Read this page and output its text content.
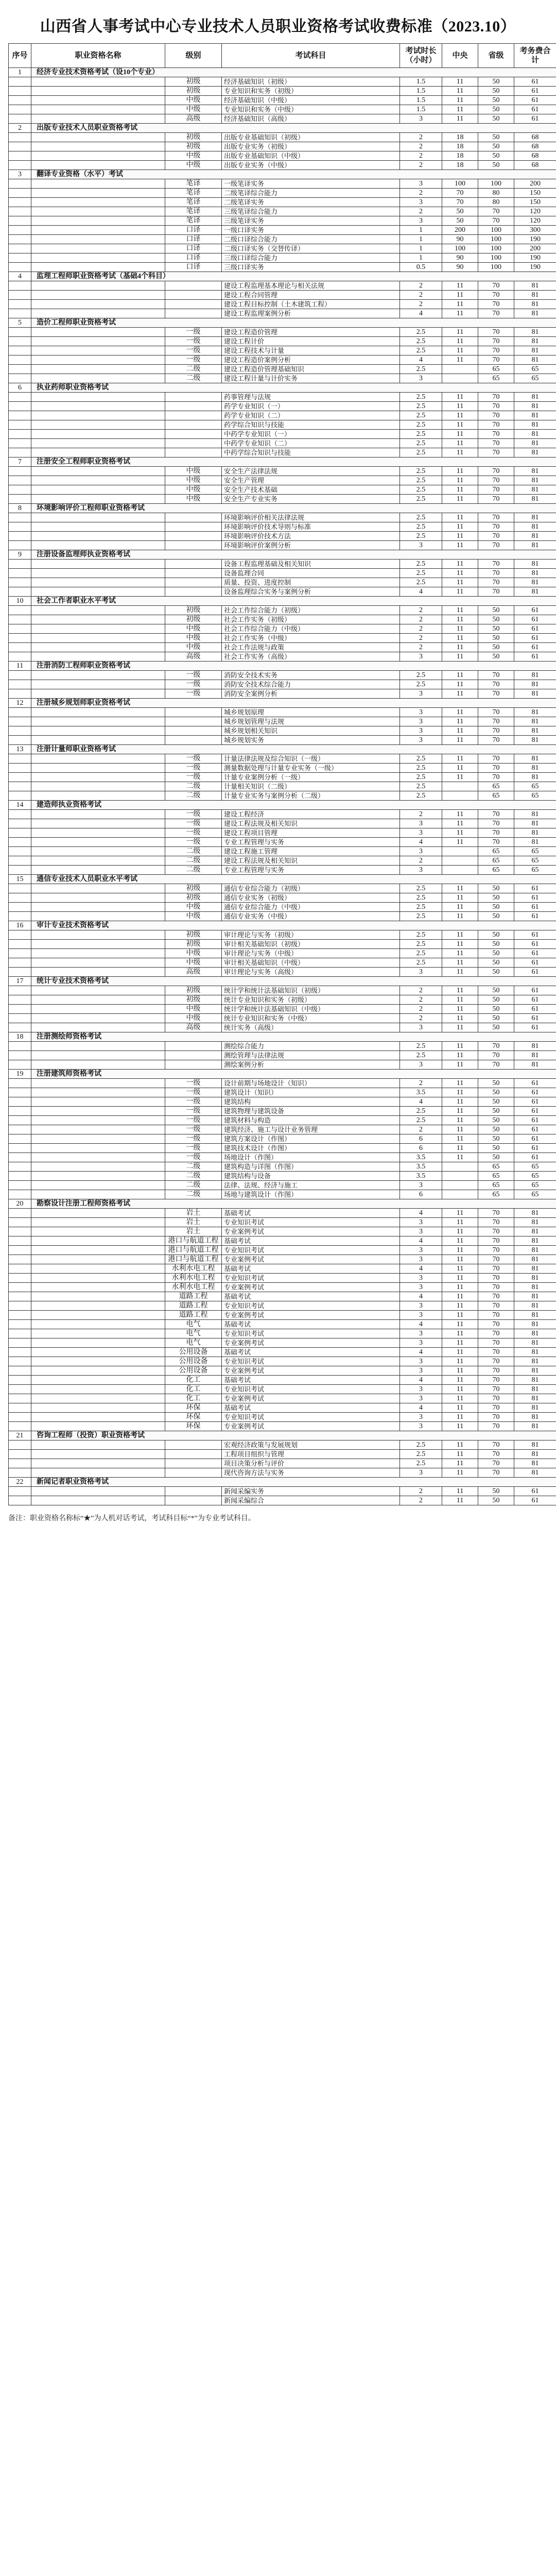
山西省人事考试中心专业技术人员职业资格考试收费标准（2023.10）
序号	职业资格名称	级别	考试科目	考试时长（小时）	中央	省级	考务费合计
1	经济专业技术资格考试（设10个专业）						
		初级	经济基础知识（初级）	1.5	11	50	61
		初级	专业知识和实务（初级）	1.5	11	50	61
		中级	经济基础知识（中级）	1.5	11	50	61
		中级	专业知识和实务（中级）	1.5	11	50	61
		高级	经济基础知识（高级）	3	11	50	61
2	出版专业技术人员职业资格考试						
		初级	出版专业基础知识（初级）	2	18	50	68
		初级	出版专业实务（初级）	2	18	50	68
		中级	出版专业基础知识（中级）	2	18	50	68
		中级	出版专业实务（中级）	2	18	50	68
3	翻译专业资格（水平）考试						
		笔译	一级笔译实务	3	100	100	200
		笔译	二级笔译综合能力	2	70	80	150
		笔译	二级笔译实务	3	70	80	150
		笔译	三级笔译综合能力	2	50	70	120
		笔译	三级笔译实务	3	50	70	120
		口译	一级口译实务	1	200	100	300
		口译	二级口译综合能力	1	90	100	190
		口译	二级口译实务（交替传译）	1	100	100	200
		口译	三级口译综合能力	1	90	100	190
		口译	三级口译实务	0.5	90	100	190
4	监理工程师职业资格考试（基础4个科目）						
			建设工程监理基本理论与相关法规	2	11	70	81
			建设工程合同管理	2	11	70	81
			建设工程目标控制（土木建筑工程）	2	11	70	81
			建设工程监理案例分析	4	11	70	81
5	造价工程师职业资格考试						
		一级	建设工程造价管理	2.5	11	70	81
		一级	建设工程计价	2.5	11	70	81
		一级	建设工程技术与计量	2.5	11	70	81
		一级	建设工程造价案例分析	4	11	70	81
		二级	建设工程造价管理基础知识	2.5		65	65
		二级	建设工程计量与计价实务	3		65	65
6	执业药师职业资格考试						
			药事管理与法规	2.5	11	70	81
			药学专业知识（一）	2.5	11	70	81
			药学专业知识（二）	2.5	11	70	81
			药学综合知识与技能	2.5	11	70	81
			中药学专业知识（一）	2.5	11	70	81
			中药学专业知识（二）	2.5	11	70	81
			中药学综合知识与技能	2.5	11	70	81
7	注册安全工程师职业资格考试						
		中级	安全生产法律法规	2.5	11	70	81
		中级	安全生产管理	2.5	11	70	81
		中级	安全生产技术基础	2.5	11	70	81
		中级	安全生产专业实务	2.5	11	70	81
8	环境影响评价工程师职业资格考试						
			环境影响评价相关法律法规	2.5	11	70	81
			环境影响评价技术导则与标准	2.5	11	70	81
			环境影响评价技术方法	2.5	11	70	81
			环境影响评价案例分析	3	11	70	81
9	注册设备监理师执业资格考试						
			设备工程监理基础及相关知识	2.5	11	70	81
			设备监理合同	2.5	11	70	81
			质量、投资、进度控制	2.5	11	70	81
			设备监理综合实务与案例分析	4	11	70	81
10	社会工作者职业水平考试						
		初级	社会工作综合能力（初级）	2	11	50	61
		初级	社会工作实务（初级）	2	11	50	61
		中级	社会工作综合能力（中级）	2	11	50	61
		中级	社会工作实务（中级）	2	11	50	61
		中级	社会工作法规与政策	2	11	50	61
		高级	社会工作实务（高级）	3	11	50	61
11	注册消防工程师职业资格考试						
		一级	消防安全技术实务	2.5	11	70	81
		一级	消防安全技术综合能力	2.5	11	70	81
		一级	消防安全案例分析	3	11	70	81
12	注册城乡规划师职业资格考试						
			城乡规划原理	3	11	70	81
			城乡规划管理与法规	3	11	70	81
			城乡规划相关知识	3	11	70	81
			城乡规划实务	3	11	70	81
13	注册计量师职业资格考试						
		一级	计量法律法规及综合知识（一级）	2.5	11	70	81
		一级	测量数据处理与计量专业实务（一级）	2.5	11	70	81
		一级	计量专业案例分析（一级）	2.5	11	70	81
		二级	计量相关知识（二级）	2.5		65	65
		二级	计量专业实务与案例分析（二级）	2.5		65	65
14	建造师执业资格考试						
		一级	建设工程经济	2	11	70	81
		一级	建设工程法规及相关知识	3	11	70	81
		一级	建设工程项目管理	3	11	70	81
		一级	专业工程管理与实务	4	11	70	81
		二级	建设工程施工管理	3		65	65
		二级	建设工程法规及相关知识	2		65	65
		二级	专业工程管理与实务	3		65	65
15	通信专业技术人员职业水平考试						
		初级	通信专业综合能力（初级）	2.5	11	50	61
		初级	通信专业实务（初级）	2.5	11	50	61
		中级	通信专业综合能力（中级）	2.5	11	50	61
		中级	通信专业实务（中级）	2.5	11	50	61
16	审计专业技术资格考试						
		初级	审计理论与实务（初级）	2.5	11	50	61
		初级	审计相关基础知识（初级）	2.5	11	50	61
		中级	审计理论与实务（中级）	2.5	11	50	61
		中级	审计相关基础知识（中级）	2.5	11	50	61
		高级	审计理论与实务（高级）	3	11	50	61
17	统计专业技术资格考试						
		初级	统计学和统计法基础知识（初级）	2	11	50	61
		初级	统计专业知识和实务（初级）	2	11	50	61
		中级	统计学和统计法基础知识（中级）	2	11	50	61
		中级	统计专业知识和实务（中级）	2	11	50	61
		高级	统计实务（高级）	3	11	50	61
18	注册测绘师资格考试						
			测绘综合能力	2.5	11	70	81
			测绘管理与法律法规	2.5	11	70	81
			测绘案例分析	3	11	70	81
19	注册建筑师资格考试						
		一级	设计前期与场地设计（知识）	2	11	50	61
		一级	建筑设计（知识）	3.5	11	50	61
		一级	建筑结构	4	11	50	61
		一级	建筑物理与建筑设备	2.5	11	50	61
		一级	建筑材料与构造	2.5	11	50	61
		一级	建筑经济、施工与设计业务管理	2	11	50	61
		一级	建筑方案设计（作图）	6	11	50	61
		一级	建筑技术设计（作图）	6	11	50	61
		一级	场地设计（作图）	3.5	11	50	61
		二级	建筑构造与详图（作图）	3.5		65	65
		二级	建筑结构与设备	3.5		65	65
		二级	法律、法规、经济与施工	3		65	65
		二级	场地与建筑设计（作图）	6		65	65
20	勘察设计注册工程师资格考试						
		岩土	基础考试	4	11	70	81
		岩土	专业知识考试	3	11	70	81
		岩土	专业案例考试	3	11	70	81
		港口与航道工程	基础考试	4	11	70	81
		港口与航道工程	专业知识考试	3	11	70	81
		港口与航道工程	专业案例考试	3	11	70	81
		水利水电工程	基础考试	4	11	70	81
		水利水电工程	专业知识考试	3	11	70	81
		水利水电工程	专业案例考试	3	11	70	81
		道路工程	基础考试	4	11	70	81
		道路工程	专业知识考试	3	11	70	81
		道路工程	专业案例考试	3	11	70	81
		电气	基础考试	4	11	70	81
		电气	专业知识考试	3	11	70	81
		电气	专业案例考试	3	11	70	81
		公用设备	基础考试	4	11	70	81
		公用设备	专业知识考试	3	11	70	81
		公用设备	专业案例考试	3	11	70	81
		化工	基础考试	4	11	70	81
		化工	专业知识考试	3	11	70	81
		化工	专业案例考试	3	11	70	81
		环保	基础考试	4	11	70	81
		环保	专业知识考试	3	11	70	81
		环保	专业案例考试	3	11	70	81
21	咨询工程师（投资）职业资格考试						
			宏观经济政策与发展规划	2.5	11	70	81
			工程项目组织与管理	2.5	11	70	81
			项目决策分析与评价	2.5	11	70	81
			现代咨询方法与实务	3	11	70	81
22	新闻记者职业资格考试						
			新闻采编实务	2	11	50	61
			新闻采编综合	2	11	50	61
备注：职业资格名称标“★”为人机对话考试，考试科目标“*”为专业考试科目。
